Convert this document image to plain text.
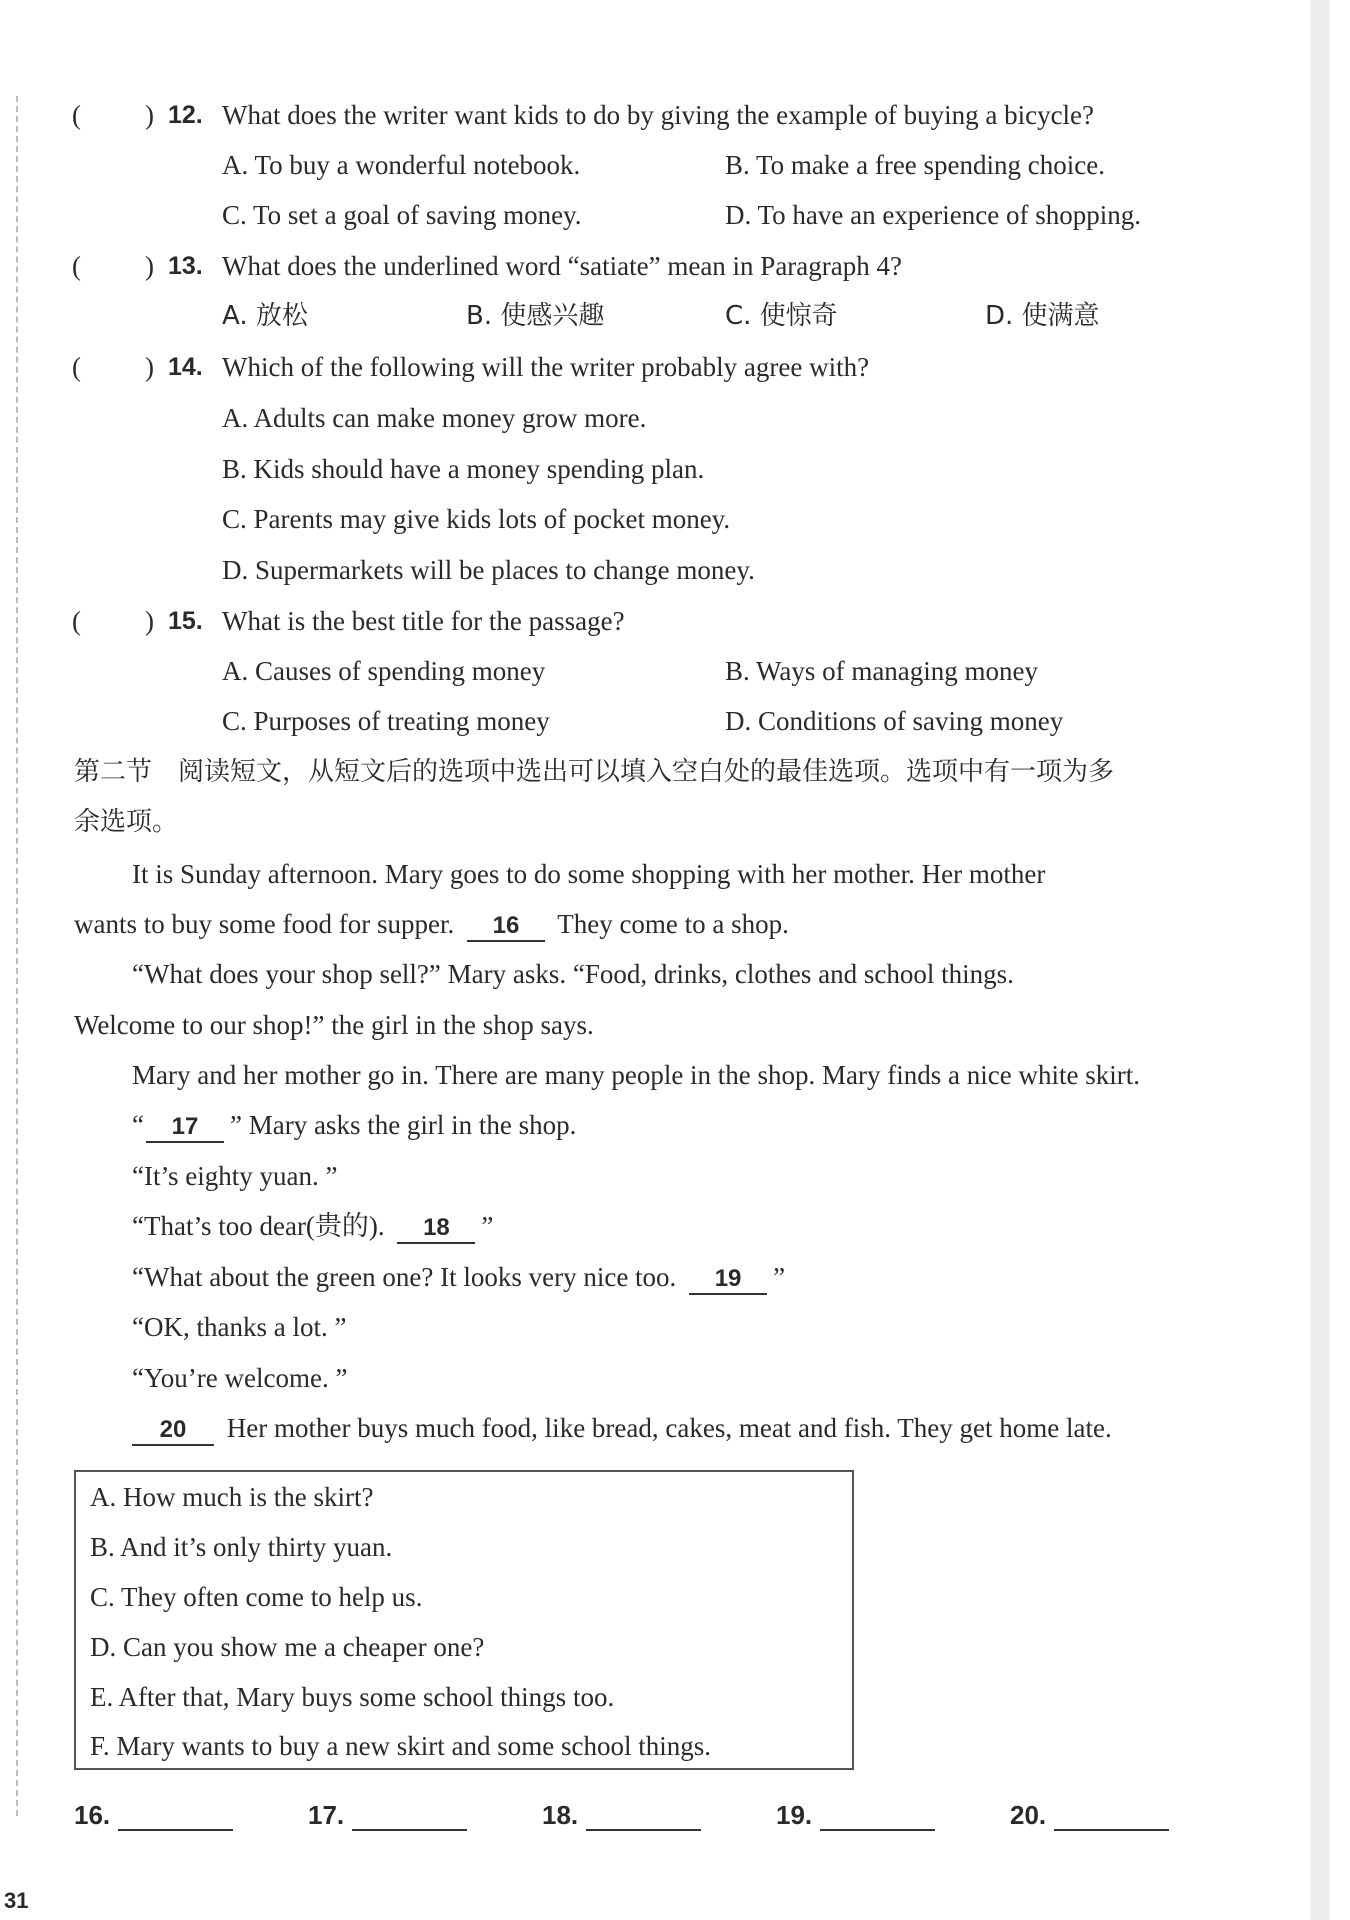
( ) 12. What does the writer want kids to do by giving the example of buying a bicycle?
A. To buy a wonderful notebook.	B. To make a free spending choice.
C. To set a goal of saving money.	D. To have an experience of shopping.
( ) 13. What does the underlined word “satiate” mean in Paragraph 4?
A. 放松	B. 使感兴趣	C. 使惊奇	D. 使满意
( ) 14. Which of the following will the writer probably agree with?
A. Adults can make money grow more.
B. Kids should have a money spending plan.
C. Parents may give kids lots of pocket money.
D. Supermarkets will be places to change money.
( ) 15. What is the best title for the passage?
A. Causes of spending money	B. Ways of managing money
C. Purposes of treating money	D. Conditions of saving money
第二节　阅读短文，从短文后的选项中选出可以填入空白处的最佳选项。选项中有一项为多
余选项。
It is Sunday afternoon. Mary goes to do some shopping with her mother. Her mother
wants to buy some food for supper. 16 They come to a shop.
“What does your shop sell?” Mary asks. “Food, drinks, clothes and school things.
Welcome to our shop!” the girl in the shop says.
Mary and her mother go in. There are many people in the shop. Mary finds a nice white skirt.
“ 17 ” Mary asks the girl in the shop.
“It’s eighty yuan. ”
“That’s too dear(贵的). 18 ”
“What about the green one? It looks very nice too. 19 ”
“OK, thanks a lot. ”
“You’re welcome. ”
20 Her mother buys much food, like bread, cakes, meat and fish. They get home late.
A. How much is the skirt?
B. And it’s only thirty yuan.
C. They often come to help us.
D. Can you show me a cheaper one?
E. After that, Mary buys some school things too.
F. Mary wants to buy a new skirt and some school things.
16.	17.	18.	19.	20.
31
